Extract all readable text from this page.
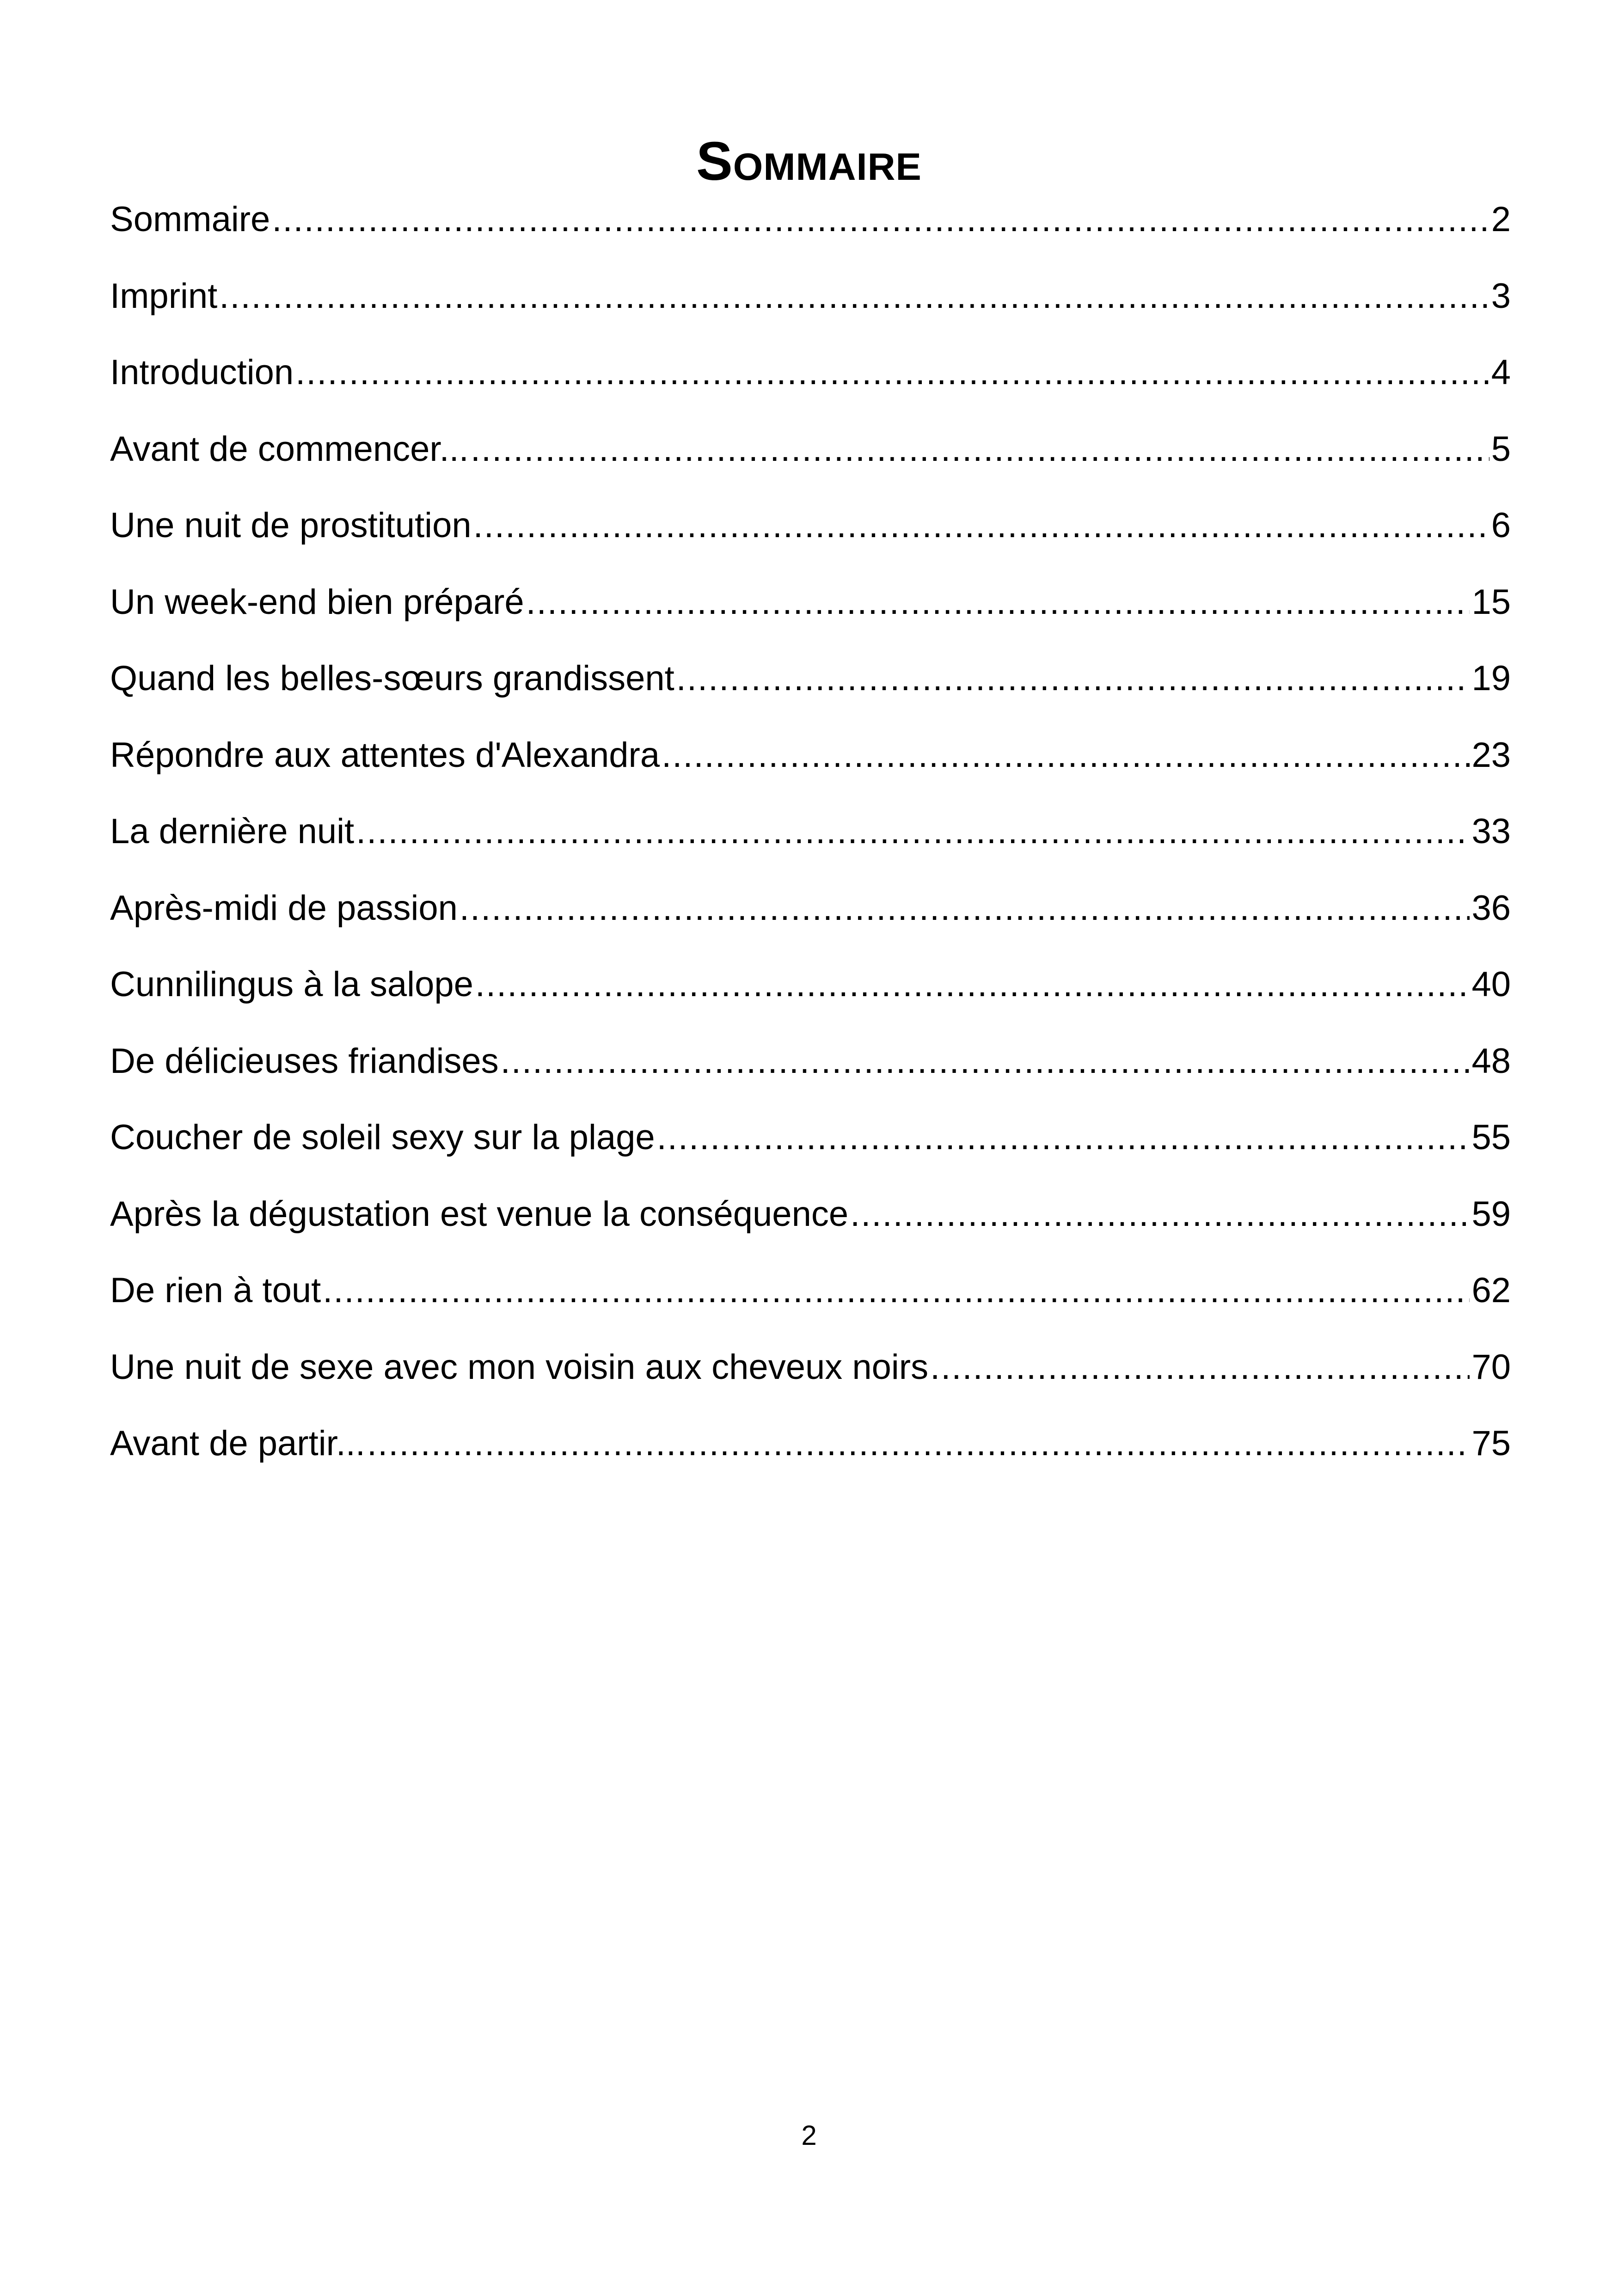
Sommaire
Sommaire .....	2
Imprint .....	3
Introduction .....	4
Avant de commencer... .....	5
Une nuit de prostitution .....	6
Un week-end bien préparé .....	15
Quand les belles-sœurs grandissent .....	19
Répondre aux attentes d'Alexandra .....	23
La dernière nuit .....	33
Après-midi de passion .....	36
Cunnilingus à la salope .....	40
De délicieuses friandises .....	48
Coucher de soleil sexy sur la plage .....	55
Après la dégustation est venue la conséquence .....	59
De rien à tout .....	62
Une nuit de sexe avec mon voisin aux cheveux noirs .....	70
Avant de partir... .....	75
2
